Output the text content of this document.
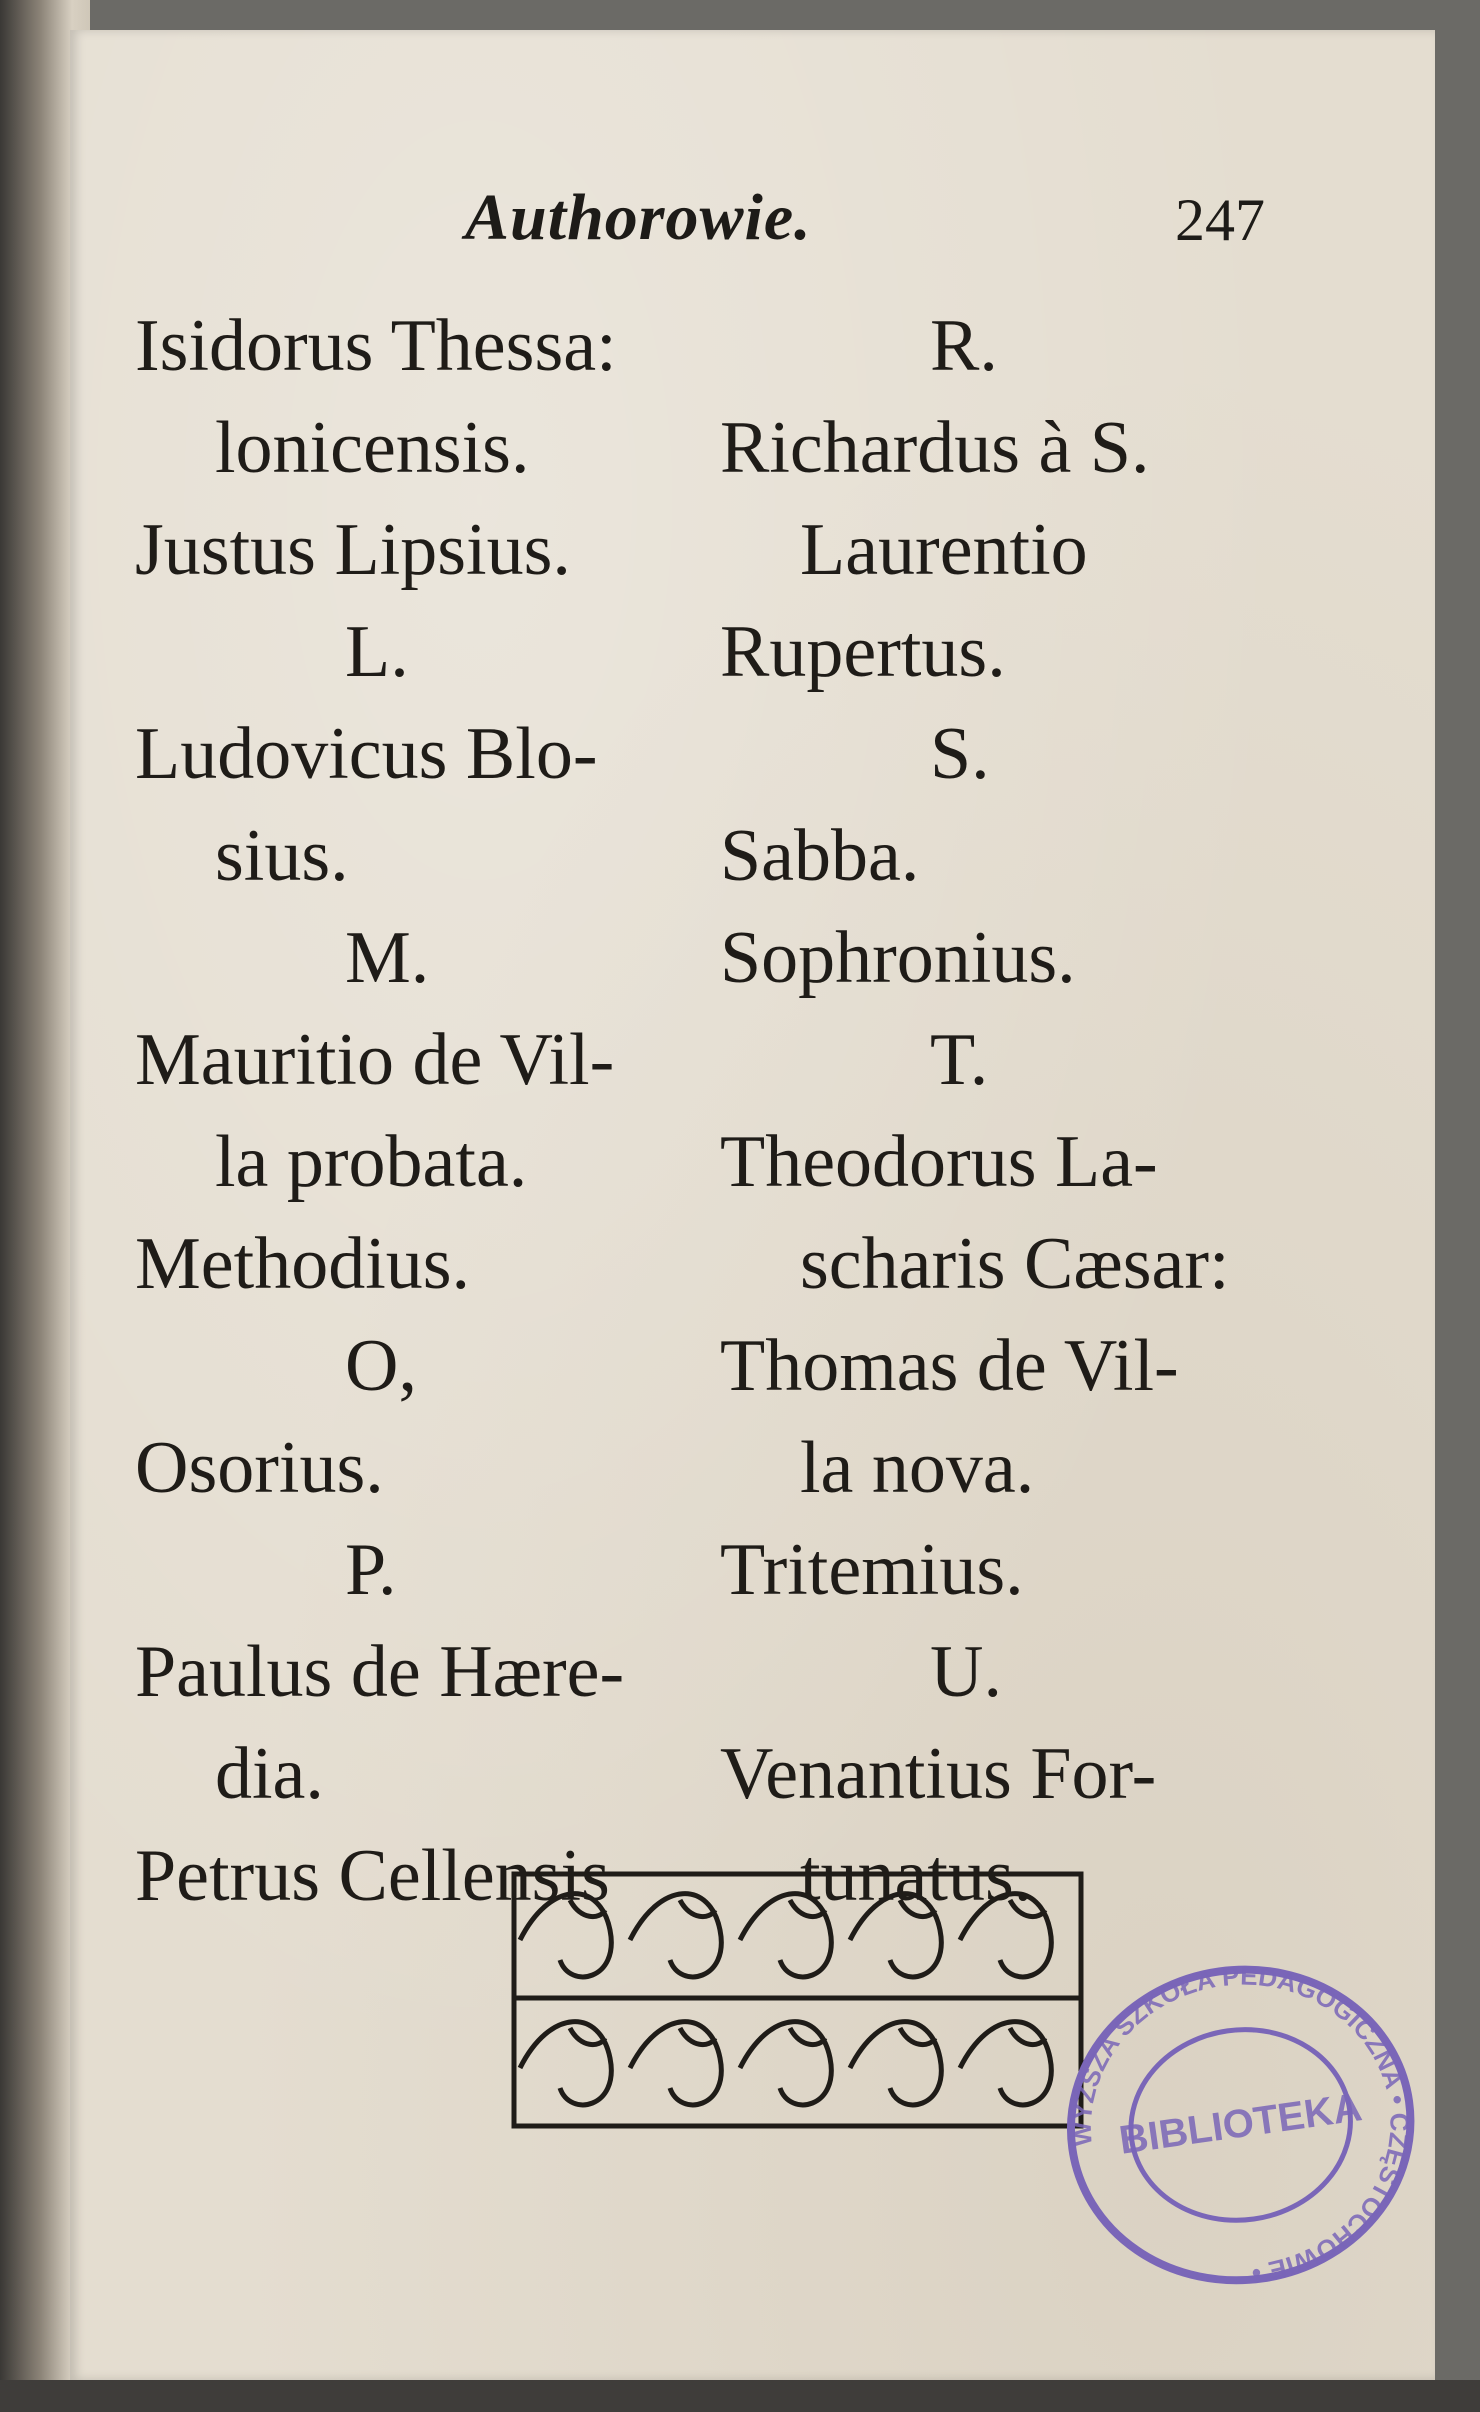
Authorowie.	247
Isidorus Thessa:
lonicensis.
Justus Lipsius.
L.
Ludovicus Blo-
sius.
M.
Mauritio de Vil-
la probata.
Methodius.
O,
Osorius.
P.
Paulus de Hære-
dia.
Petrus Cellensis
R.
Richardus à S.
Laurentio
Rupertus.
S.
Sabba.
Sophronius.
T.
Theodorus La-
scharis Cæsar:
Thomas de Vil-
la nova.
Tritemius.
U.
Venantius For-
tunatus.
WYŻSZA SZKOŁA PEDAGOGICZNA • CZĘSTOCHOWIE •
BIBLIOTEKA
